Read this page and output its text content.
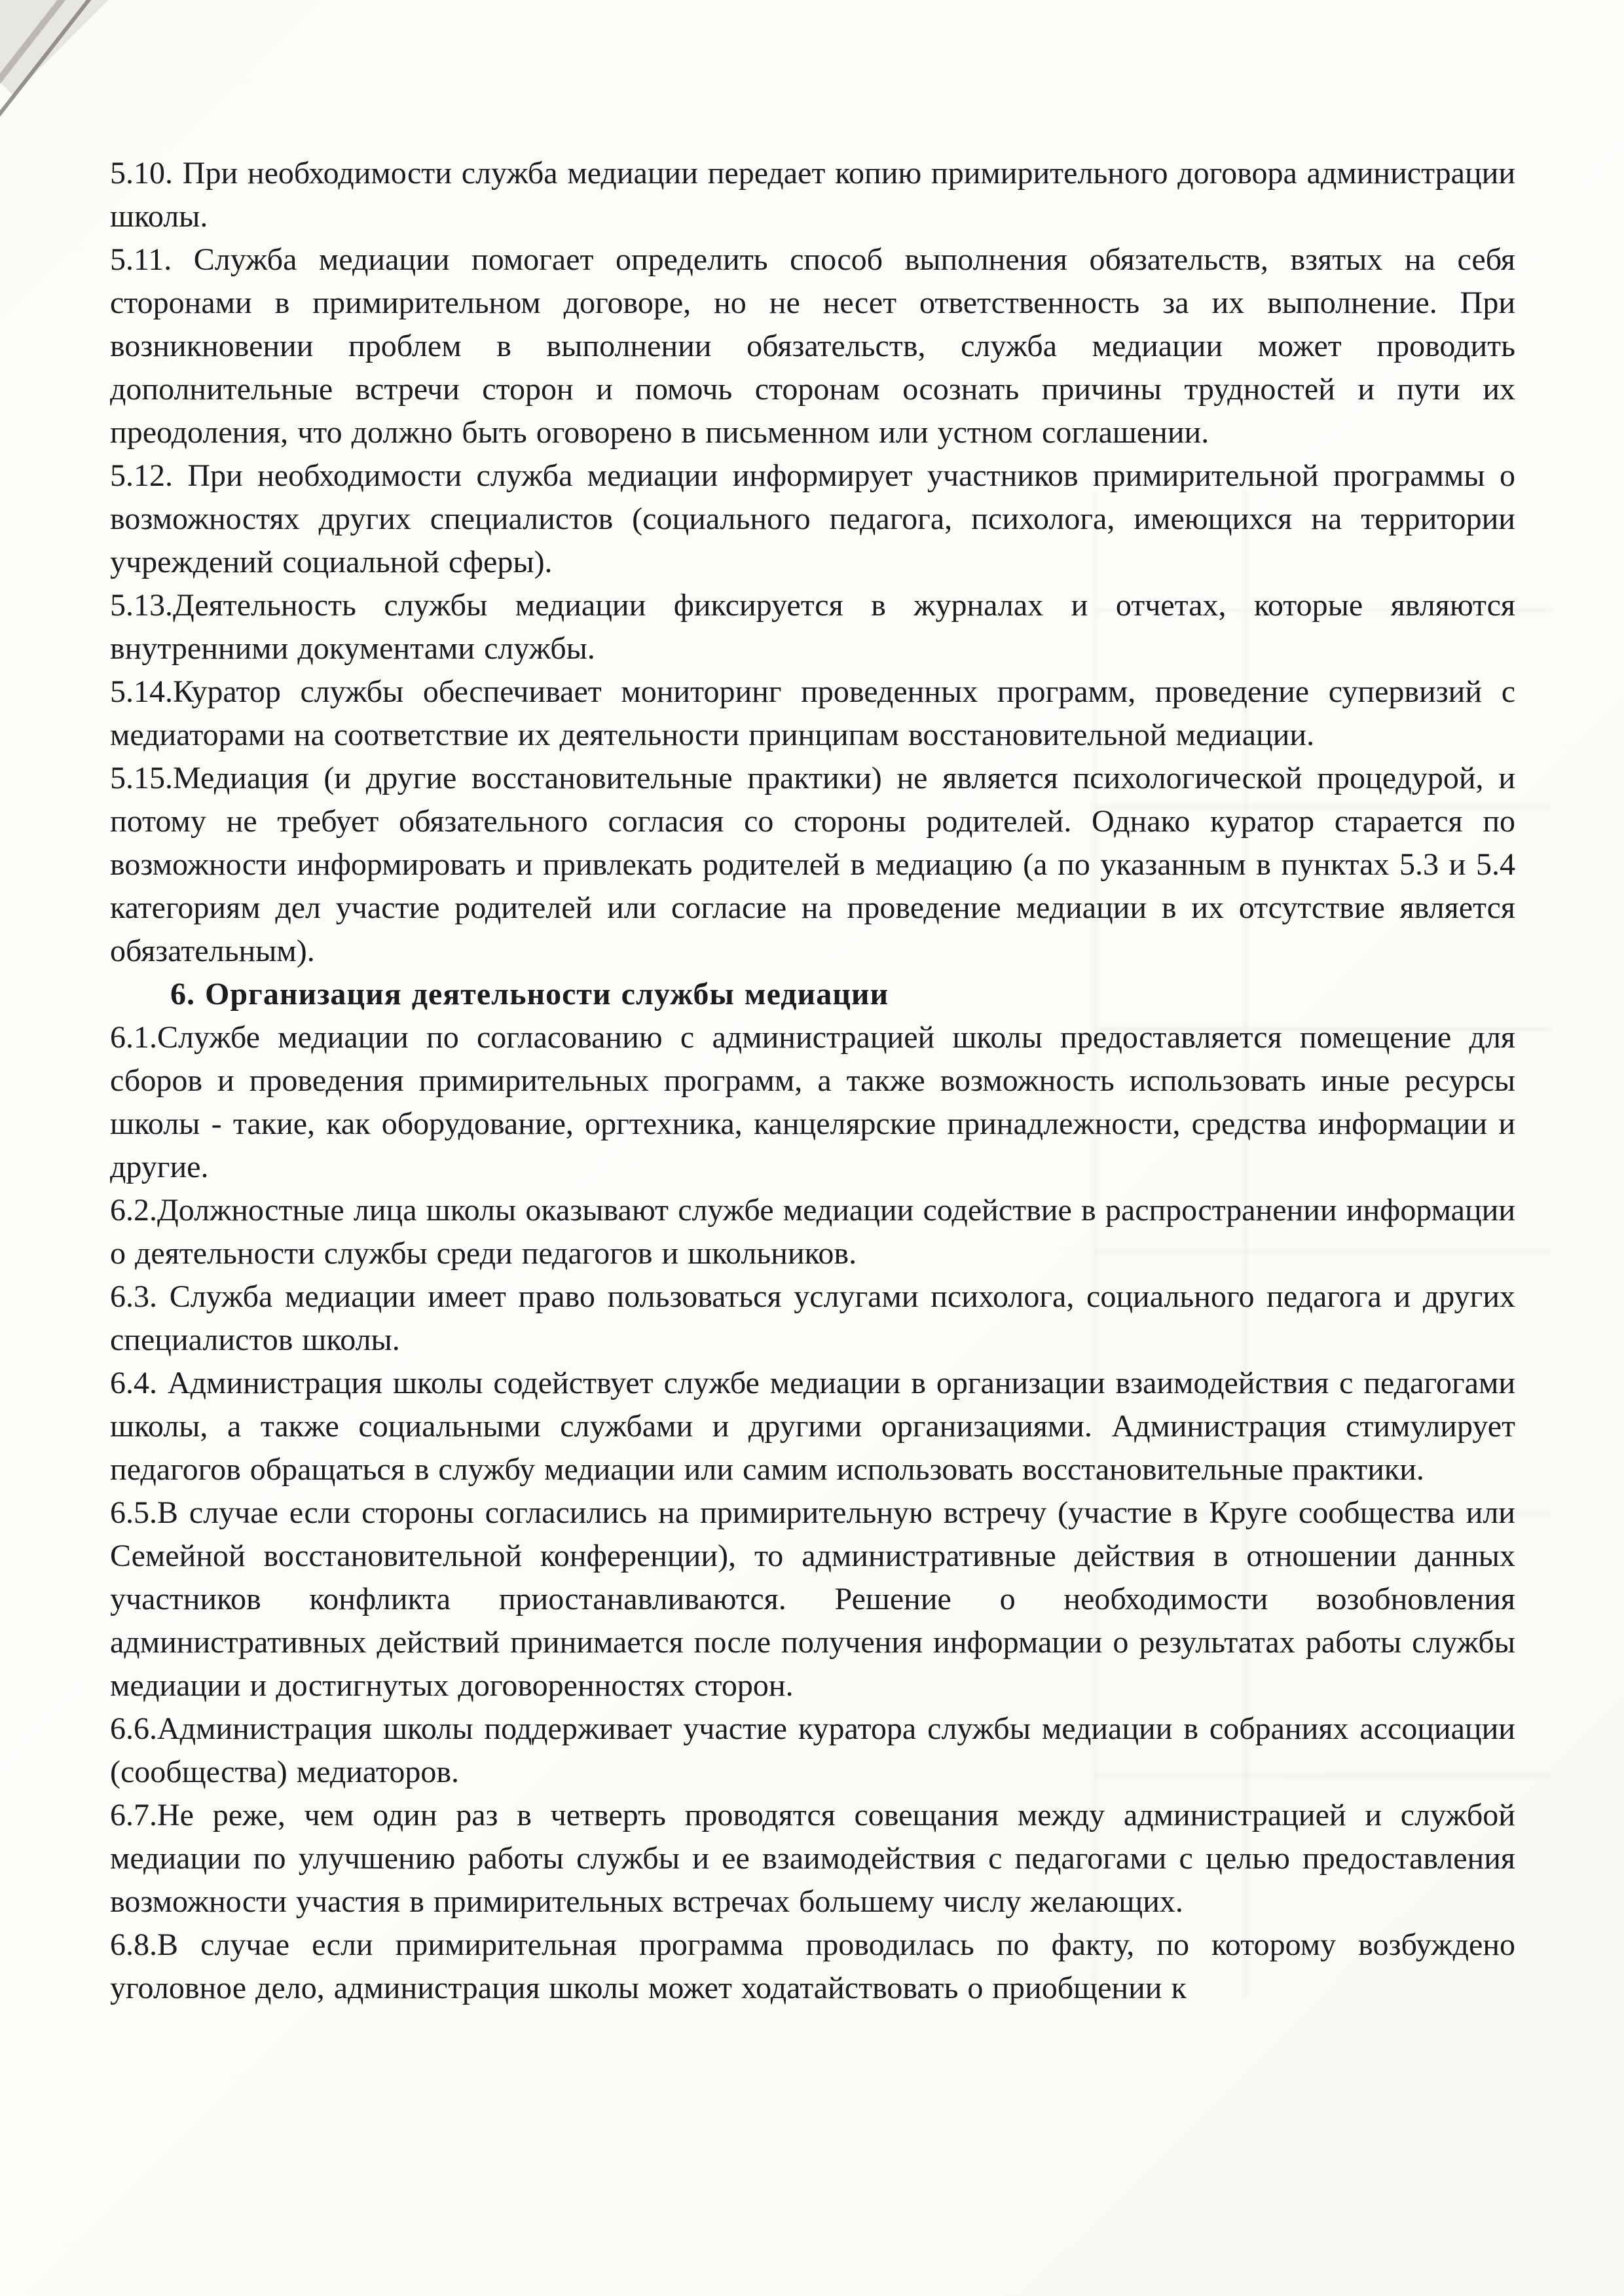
5.10. При необходимости служба медиации передает копию примирительного договора администрации школы.

5.11. Служба медиации помогает определить способ выполнения обязательств, взятых на себя сторонами в примирительном договоре, но не несет ответственность за их выполнение. При возникновении проблем в выполнении обязательств, служба медиации может проводить дополнительные встречи сторон и помочь сторонам осознать причины трудностей и пути их преодоления, что должно быть оговорено в письменном или устном соглашении.

5.12. При необходимости служба медиации информирует участников примирительной программы о возможностях других специалистов (социального педагога, психолога, имеющихся на территории учреждений социальной сферы).

5.13.Деятельность службы медиации фиксируется в журналах и отчетах, которые являются внутренними документами службы.

5.14.Куратор службы обеспечивает мониторинг проведенных программ, проведение супервизий с медиаторами на соответствие их деятельности принципам восстановительной медиации.

5.15.Медиация (и другие восстановительные практики) не является психологической процедурой, и потому не требует обязательного согласия со стороны родителей. Однако куратор старается по возможности информировать и привлекать родителей в медиацию (а по указанным в пунктах 5.3 и 5.4 категориям дел участие родителей или согласие на проведение медиации в их отсутствие является обязательным).

6. Организация деятельности службы медиации

6.1.Службе медиации по согласованию с администрацией школы предоставляется помещение для сборов и проведения примирительных программ, а также возможность использовать иные ресурсы школы - такие, как оборудование, оргтехника, канцелярские принадлежности, средства информации и другие.

6.2.Должностные лица школы оказывают службе медиации содействие в распространении информации о деятельности службы среди педагогов и школьников.

6.3. Служба медиации имеет право пользоваться услугами психолога, социального педагога и других специалистов школы.

6.4. Администрация школы содействует службе медиации в организации взаимодействия с педагогами школы, а также социальными службами и другими организациями. Администрация стимулирует педагогов обращаться в службу медиации или самим использовать восстановительные практики.

6.5.В случае если стороны согласились на примирительную встречу (участие в Круге сообщества или Семейной восстановительной конференции), то административные действия в отношении данных участников конфликта приостанавливаются. Решение о необходимости возобновления административных действий принимается после получения информации о результатах работы службы медиации и достигнутых договоренностях сторон.

6.6.Администрация школы поддерживает участие куратора службы медиации в собраниях ассоциации (сообщества) медиаторов.

6.7.Не реже, чем один раз в четверть проводятся совещания между администрацией и службой медиации по улучшению работы службы и ее взаимодействия с педагогами с целью предоставления возможности участия в примирительных встречах большему числу желающих.

6.8.В случае если примирительная программа проводилась по факту, по которому возбуждено уголовное дело, администрация школы может ходатайствовать о приобщении к
